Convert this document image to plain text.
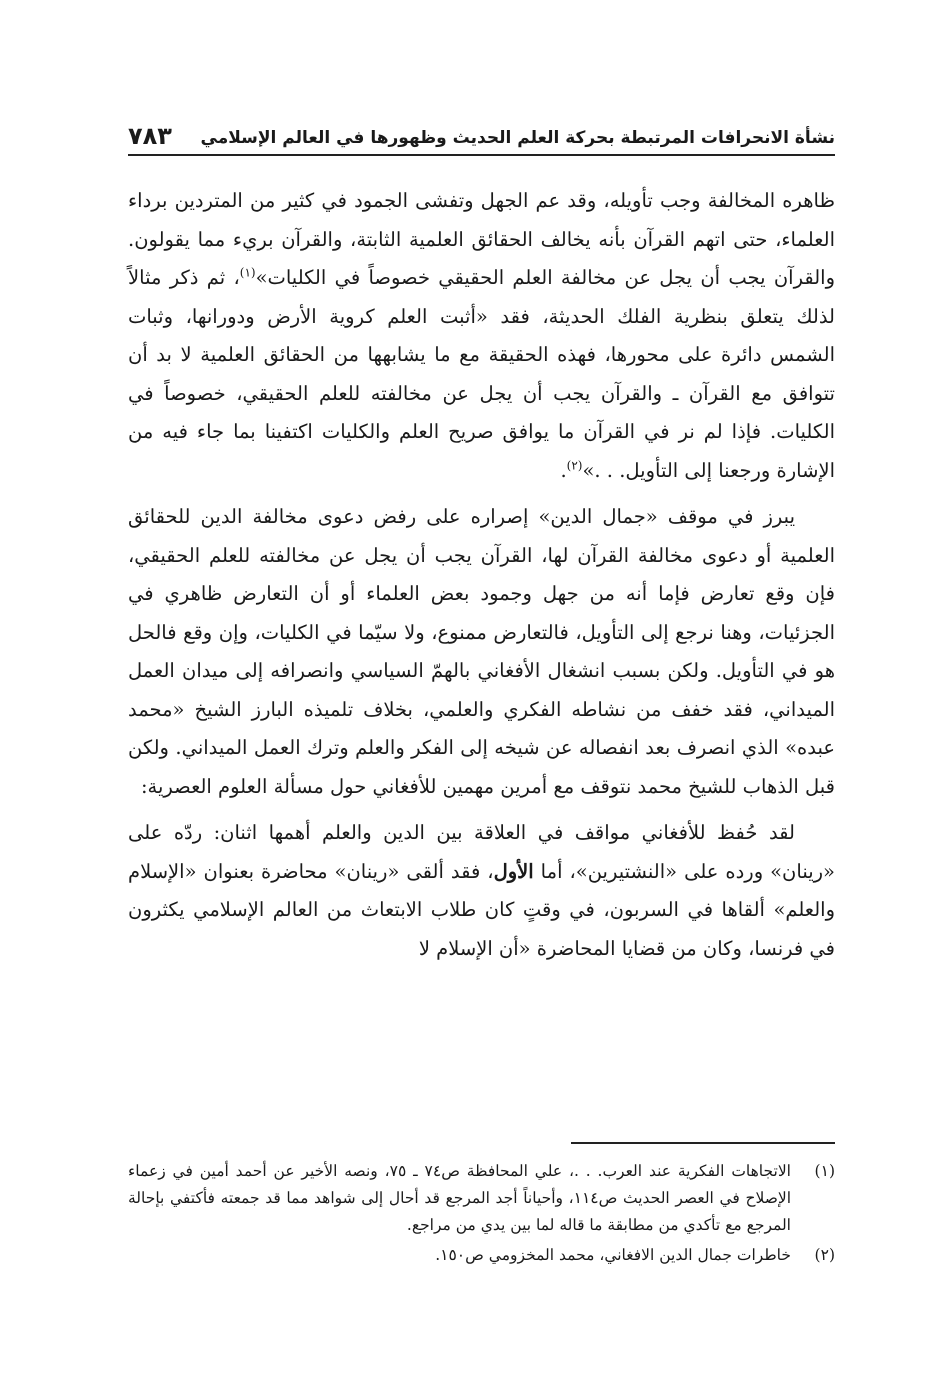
نشأة الانحرافات المرتبطة بحركة العلم الحديث وظهورها في العالم الإسلامي
٧٨٣

ظاهره المخالفة وجب تأويله، وقد عم الجهل وتفشى الجمود في كثير من المتردين برداء العلماء، حتى اتهم القرآن بأنه يخالف الحقائق العلمية الثابتة، والقرآن بريء مما يقولون. والقرآن يجب أن يجل عن مخالفة العلم الحقيقي خصوصاً في الكليات»$^{(١)}$، ثم ذكر مثالاً لذلك يتعلق بنظرية الفلك الحديثة، فقد «أثبت العلم كروية الأرض ودورانها، وثبات الشمس دائرة على محورها، فهذه الحقيقة مع ما يشابهها من الحقائق العلمية لا بد أن تتوافق مع القرآن ـ والقرآن يجب أن يجل عن مخالفته للعلم الحقيقي، خصوصاً في الكليات. فإذا لم نر في القرآن ما يوافق صريح العلم والكليات اكتفينا بما جاء فيه من الإشارة ورجعنا إلى التأويل. . .»$^{(٢)}$.

يبرز في موقف «جمال الدين» إصراره على رفض دعوى مخالفة الدين للحقائق العلمية أو دعوى مخالفة القرآن لها، القرآن يجب أن يجل عن مخالفته للعلم الحقيقي، فإن وقع تعارض فإما أنه من جهل وجمود بعض العلماء أو أن التعارض ظاهري في الجزئيات، وهنا نرجع إلى التأويل، فالتعارض ممنوع، ولا سيّما في الكليات، وإن وقع فالحل هو في التأويل. ولكن بسبب انشغال الأفغاني بالهمّ السياسي وانصرافه إلى ميدان العمل الميداني، فقد خفف من نشاطه الفكري والعلمي، بخلاف تلميذه البارز الشيخ «محمد عبده» الذي انصرف بعد انفصاله عن شيخه إلى الفكر والعلم وترك العمل الميداني. ولكن قبل الذهاب للشيخ محمد نتوقف مع أمرين مهمين للأفغاني حول مسألة العلوم العصرية:

لقد حُفظ للأفغاني مواقف في العلاقة بين الدين والعلم أهمها اثنان: ردّه على «رينان» ورده على «النشتيرين»، أما الأول، فقد ألقى «رينان» محاضرة بعنوان «الإسلام والعلم» ألقاها في السربون، في وقتٍ كان طلاب الابتعاث من العالم الإسلامي يكثرون في فرنسا، وكان من قضايا المحاضرة «أن الإسلام لا

(١)
الاتجاهات الفكرية عند العرب. . .، علي المحافظة ص٧٤ ـ ٧٥، ونصه الأخير عن أحمد أمين في زعماء الإصلاح في العصر الحديث ص١١٤، وأحياناً أجد المرجع قد أحال إلى شواهد مما قد جمعته فأكتفي بإحالة المرجع مع تأكدي من مطابقة ما قاله لما بين يدي من مراجع.
(٢)
خاطرات جمال الدين الافغاني، محمد المخزومي ص١٥٠.
